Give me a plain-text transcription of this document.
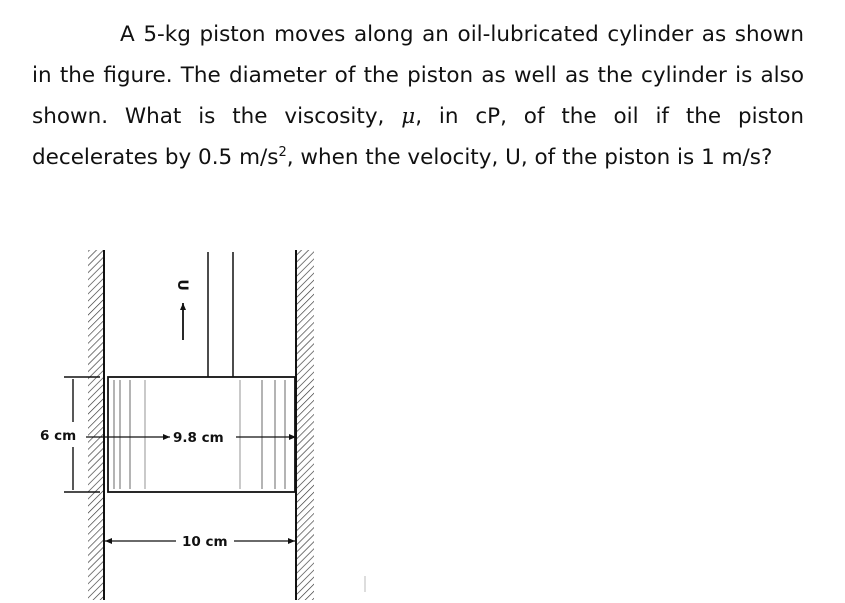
A 5-kg piston moves along an oil-lubricated cylinder as shown in the figure. The diameter of the piston as well as the cylinder is also shown. What is the viscosity, μ, in cP, of the oil if the piston decelerates by 0.5 $m/s^2$, when the velocity, U, of the piston is 1 m/s?
U
6 cm	9.8 cm
10 cm
